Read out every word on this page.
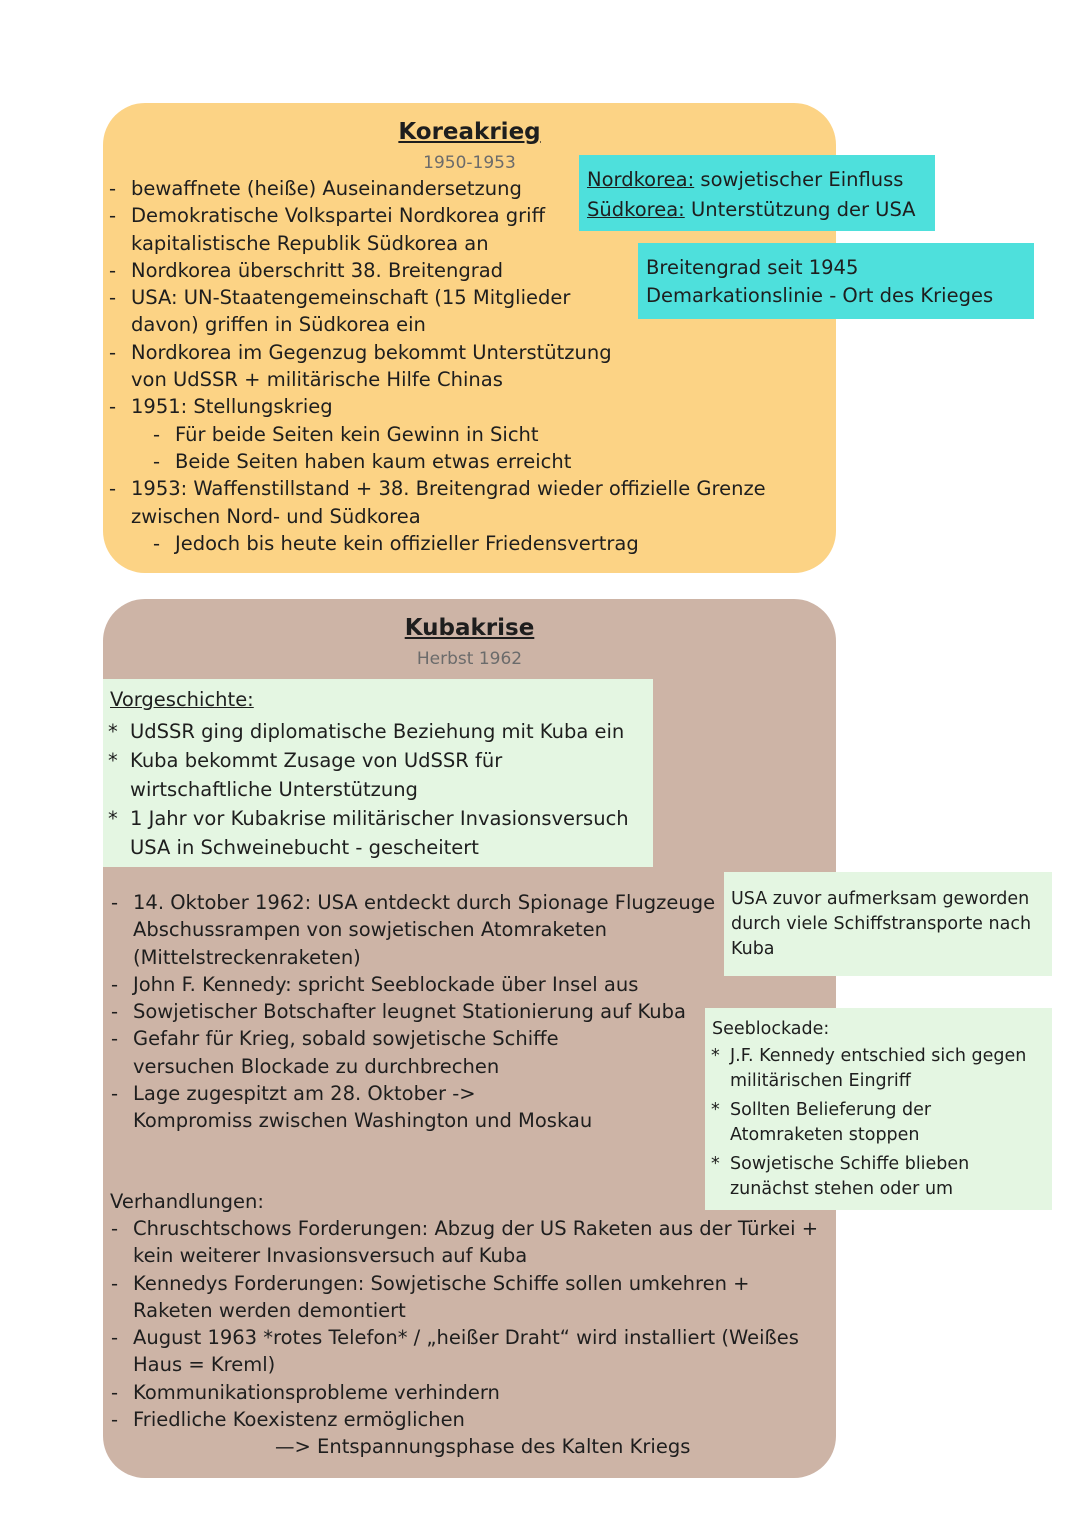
Koreakrieg
1950-1953
- bewaffnete (heiße) Auseinandersetzung
- Demokratische Volkspartei Nordkorea griff
kapitalistische Republik Südkorea an
- Nordkorea überschritt 38. Breitengrad
- USA: UN-Staatengemeinschaft (15 Mitglieder
davon) griffen in Südkorea ein
- Nordkorea im Gegenzug bekommt Unterstützung
von UdSSR + militärische Hilfe Chinas
- 1951: Stellungskrieg
- Für beide Seiten kein Gewinn in Sicht
- Beide Seiten haben kaum etwas erreicht
- 1953: Waffenstillstand + 38. Breitengrad wieder offizielle Grenze
zwischen Nord- und Südkorea
- Jedoch bis heute kein offizieller Friedensvertrag
Nordkorea: sowjetischer Einfluss
Südkorea: Unterstützung der USA
Breitengrad seit 1945
Demarkationslinie - Ort des Krieges
Kubakrise
Herbst 1962
Vorgeschichte:
* UdSSR ging diplomatische Beziehung mit Kuba ein
* Kuba bekommt Zusage von UdSSR für
wirtschaftliche Unterstützung
* 1 Jahr vor Kubakrise militärischer Invasionsversuch
USA in Schweinebucht - gescheitert
- 14. Oktober 1962: USA entdeckt durch Spionage Flugzeuge
Abschussrampen von sowjetischen Atomraketen
(Mittelstreckenraketen)
- John F. Kennedy: spricht Seeblockade über Insel aus
- Sowjetischer Botschafter leugnet Stationierung auf Kuba
- Gefahr für Krieg, sobald sowjetische Schiffe
versuchen Blockade zu durchbrechen
- Lage zugespitzt am 28. Oktober ->
Kompromiss zwischen Washington und Moskau
USA zuvor aufmerksam geworden
durch viele Schiffstransporte nach
Kuba
Seeblockade:
* J.F. Kennedy entschied sich gegen
militärischen Eingriff
* Sollten Belieferung der
Atomraketen stoppen
* Sowjetische Schiffe blieben
zunächst stehen oder um
Verhandlungen:
- Chruschtschows Forderungen: Abzug der US Raketen aus der Türkei +
kein weiterer Invasionsversuch auf Kuba
- Kennedys Forderungen: Sowjetische Schiffe sollen umkehren +
Raketen werden demontiert
- August 1963 *rotes Telefon* / „heißer Draht“ wird installiert (Weißes
Haus = Kreml)
- Kommunikationsprobleme verhindern
- Friedliche Koexistenz ermöglichen
—> Entspannungsphase des Kalten Kriegs
